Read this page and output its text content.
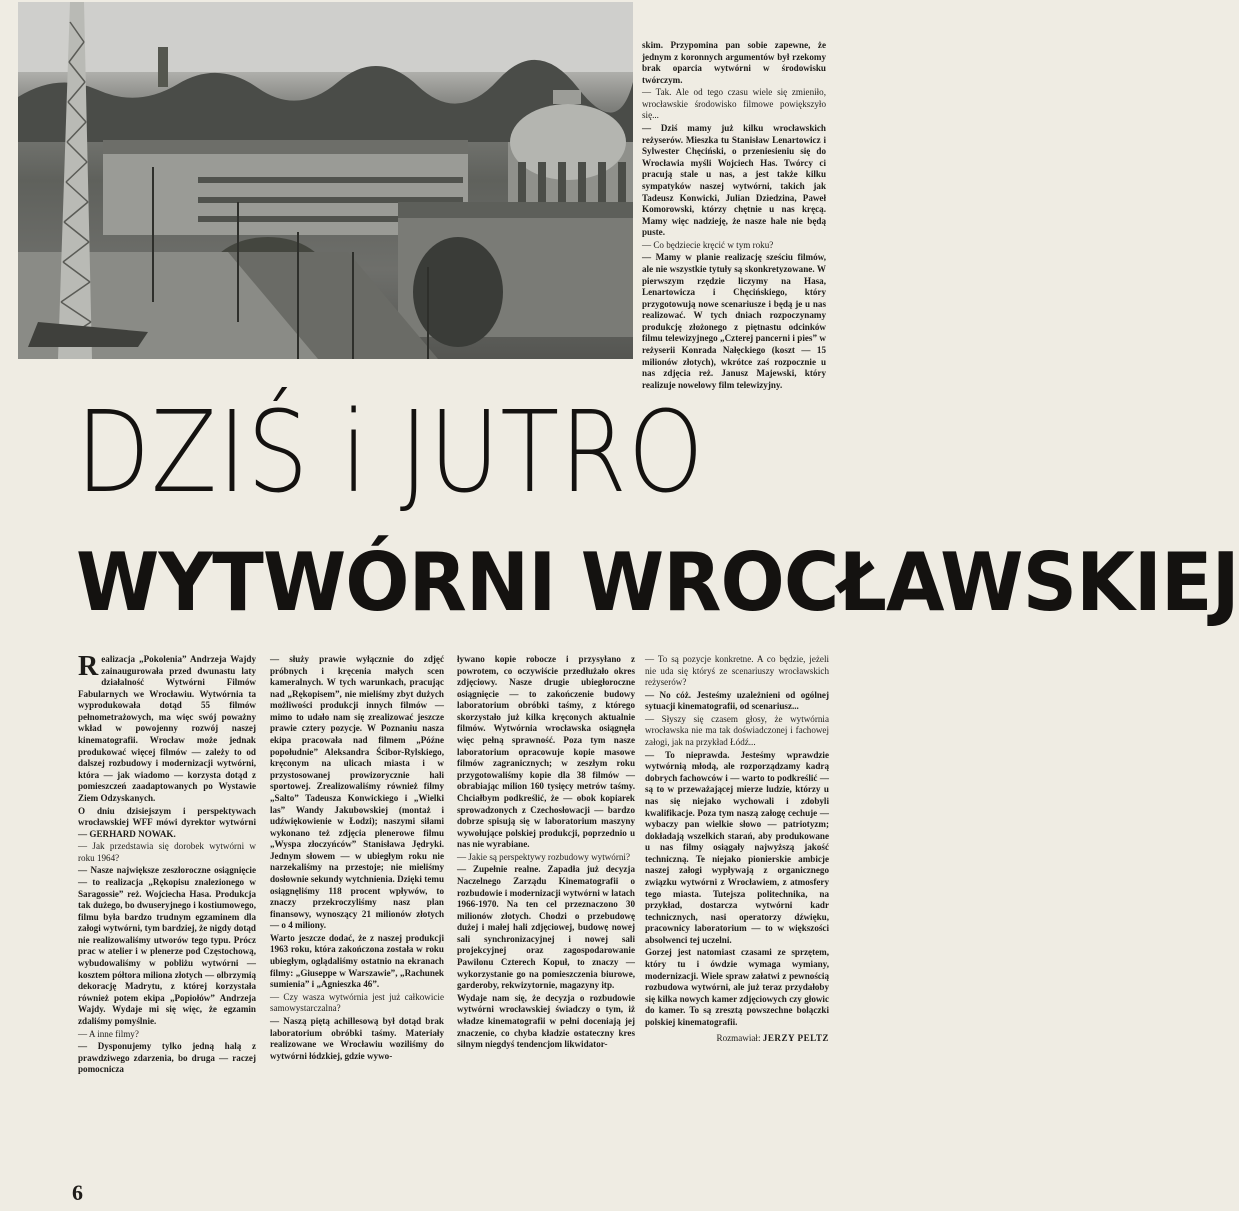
skim. Przypomina pan sobie zapewne, że jednym z koronnych argumentów był rzekomy brak oparcia wytwórni w środowisku twórczym.

— Tak. Ale od tego czasu wiele się zmieniło, wrocławskie środowisko filmowe powiększyło się...

— Dziś mamy już kilku wrocławskich reżyserów. Mieszka tu Stanisław Lenartowicz i Sylwester Chęciński, o przeniesieniu się do Wrocławia myśli Wojciech Has. Twórcy ci pracują stale u nas, a jest także kilku sympatyków naszej wytwórni, takich jak Tadeusz Konwicki, Julian Dziedzina, Paweł Komorowski, którzy chętnie u nas kręcą. Mamy więc nadzieję, że nasze hale nie będą puste.

— Co będziecie kręcić w tym roku?

— Mamy w planie realizację sześciu filmów, ale nie wszystkie tytuły są skonkretyzowane. W pierwszym rzędzie liczymy na Hasa, Lenartowicza i Chęcińskiego, który przygotowują nowe scenariusze i będą je u nas realizować. W tych dniach rozpoczynamy produkcję złożonego z piętnastu odcinków filmu telewizyjnego „Czterej pancerni i pies” w reżyserii Konrada Nałęckiego (koszt — 15 milionów złotych), wkrótce zaś rozpocznie u nas zdjęcia reż. Janusz Majewski, który realizuje nowelowy film telewizyjny.

DZIŚ i JUTRO
WYTWÓRNI WROCŁAWSKIEJ

Realizacja „Pokolenia” Andrzeja Wajdy zainaugurowała przed dwunastu laty działalność Wytwórni Filmów Fabularnych we Wrocławiu. Wytwórnia ta wyprodukowała dotąd 55 filmów pełnometrażowych, ma więc swój poważny wkład w powojenny rozwój naszej kinematografii. Wrocław może jednak produkować więcej filmów — zależy to od dalszej rozbudowy i modernizacji wytwórni, która — jak wiadomo — korzysta dotąd z pomieszczeń zaadaptowanych po Wystawie Ziem Odzyskanych.

O dniu dzisiejszym i perspektywach wrocławskiej WFF mówi dyrektor wytwórni — GERHARD NOWAK.

— Jak przedstawia się dorobek wytwórni w roku 1964?

— Nasze największe zeszłoroczne osiągnięcie — to realizacja „Rękopisu znalezionego w Saragossie” reż. Wojciecha Hasa. Produkcja tak dużego, bo dwuseryjnego i kostiumowego, filmu była bardzo trudnym egzaminem dla załogi wytwórni, tym bardziej, że nigdy dotąd nie realizowaliśmy utworów tego typu. Prócz prac w atelier i w plenerze pod Częstochową, wybudowaliśmy w pobliżu wytwórni — kosztem półtora miliona złotych — olbrzymią dekorację Madrytu, z której korzystała również potem ekipa „Popiołów” Andrzeja Wajdy. Wydaje mi się więc, że egzamin zdaliśmy pomyślnie.

— A inne filmy?

— Dysponujemy tylko jedną halą z prawdziwego zdarzenia, bo druga — raczej pomocnicza

— służy prawie wyłącznie do zdjęć próbnych i kręcenia małych scen kameralnych. W tych warunkach, pracując nad „Rękopisem”, nie mieliśmy zbyt dużych możliwości produkcji innych filmów — mimo to udało nam się zrealizować jeszcze prawie cztery pozycje. W Poznaniu nasza ekipa pracowała nad filmem „Późne popołudnie” Aleksandra Ścibor-Rylskiego, kręconym na ulicach miasta i w przystosowanej prowizorycznie hali sportowej. Zrealizowaliśmy również filmy „Salto” Tadeusza Konwickiego i „Wielki las” Wandy Jakubowskiej (montaż i udźwiękowienie w Łodzi); naszymi siłami wykonano też zdjęcia plenerowe filmu „Wyspa złoczyńców” Stanisława Jędryki. Jednym słowem — w ubiegłym roku nie narzekaliśmy na przestoje; nie mieliśmy dosłownie sekundy wytchnienia. Dzięki temu osiągnęliśmy 118 procent wpływów, to znaczy przekroczyliśmy nasz plan finansowy, wynoszący 21 milionów złotych — o 4 miliony.

Warto jeszcze dodać, że z naszej produkcji 1963 roku, która zakończona została w roku ubiegłym, oglądaliśmy ostatnio na ekranach filmy: „Giuseppe w Warszawie”, „Rachunek sumienia” i „Agnieszka 46”.

— Czy wasza wytwórnia jest już całkowicie samowystarczalna?

— Naszą piętą achillesową był dotąd brak laboratorium obróbki taśmy. Materiały realizowane we Wrocławiu woziliśmy do wytwórni łódzkiej, gdzie wywo-

ływano kopie robocze i przysyłano z powrotem, co oczywiście przedłużało okres zdjęciowy. Nasze drugie ubiegłoroczne osiągnięcie — to zakończenie budowy laboratorium obróbki taśmy, z którego skorzystało już kilka kręconych aktualnie filmów. Wytwórnia wrocławska osiągnęła więc pełną sprawność. Poza tym nasze laboratorium opracowuje kopie masowe filmów zagranicznych; w zeszłym roku przygotowaliśmy kopie dla 38 filmów — obrabiając milion 160 tysięcy metrów taśmy. Chciałbym podkreślić, że — obok kopiarek sprowadzonych z Czechosłowacji — bardzo dobrze spisują się w laboratorium maszyny wywołujące polskiej produkcji, poprzednio u nas nie wyrabiane.

— Jakie są perspektywy rozbudowy wytwórni?

— Zupełnie realne. Zapadła już decyzja Naczelnego Zarządu Kinematografii o rozbudowie i modernizacji wytwórni w latach 1966-1970. Na ten cel przeznaczono 30 milionów złotych. Chodzi o przebudowę dużej i małej hali zdjęciowej, budowę nowej sali synchronizacyjnej i nowej sali projekcyjnej oraz zagospodarowanie Pawilonu Czterech Kopuł, to znaczy — wykorzystanie go na pomieszczenia biurowe, garderoby, rekwizytornie, magazyny itp.

Wydaje nam się, że decyzja o rozbudowie wytwórni wrocławskiej świadczy o tym, iż władze kinematografii w pełni doceniają jej znaczenie, co chyba kładzie ostateczny kres silnym niegdyś tendencjom likwidator-

— To są pozycje konkretne. A co będzie, jeżeli nie uda się któryś ze scenariuszy wrocławskich reżyserów?

— No cóż. Jesteśmy uzależnieni od ogólnej sytuacji kinematografii, od scenariusz...

— Słyszy się czasem głosy, że wytwórnia wrocławska nie ma tak doświadczonej i fachowej załogi, jak na przykład Łódź...

— To nieprawda. Jesteśmy wprawdzie wytwórnią młodą, ale rozporządzamy kadrą dobrych fachowców i — warto to podkreślić — są to w przeważającej mierze ludzie, którzy u nas się niejako wychowali i zdobyli kwalifikacje. Poza tym naszą załogę cechuje — wybaczy pan wielkie słowo — patriotyzm; dokładają wszelkich starań, aby produkowane u nas filmy osiągały najwyższą jakość techniczną. Te niejako pionierskie ambicje naszej załogi wypływają z organicznego związku wytwórni z Wrocławiem, z atmosfery tego miasta. Tutejsza politechnika, na przykład, dostarcza wytwórni kadr technicznych, nasi operatorzy dźwięku, pracownicy laboratorium — to w większości absolwenci tej uczelni.

Gorzej jest natomiast czasami ze sprzętem, który tu i ówdzie wymaga wymiany, modernizacji. Wiele spraw załatwi z pewnością rozbudowa wytwórni, ale już teraz przydałoby się kilka nowych kamer zdjęciowych czy głowic do kamer. To są zresztą powszechne bolączki polskiej kinematografii.

Rozmawiał: JERZY PELTZ
6
